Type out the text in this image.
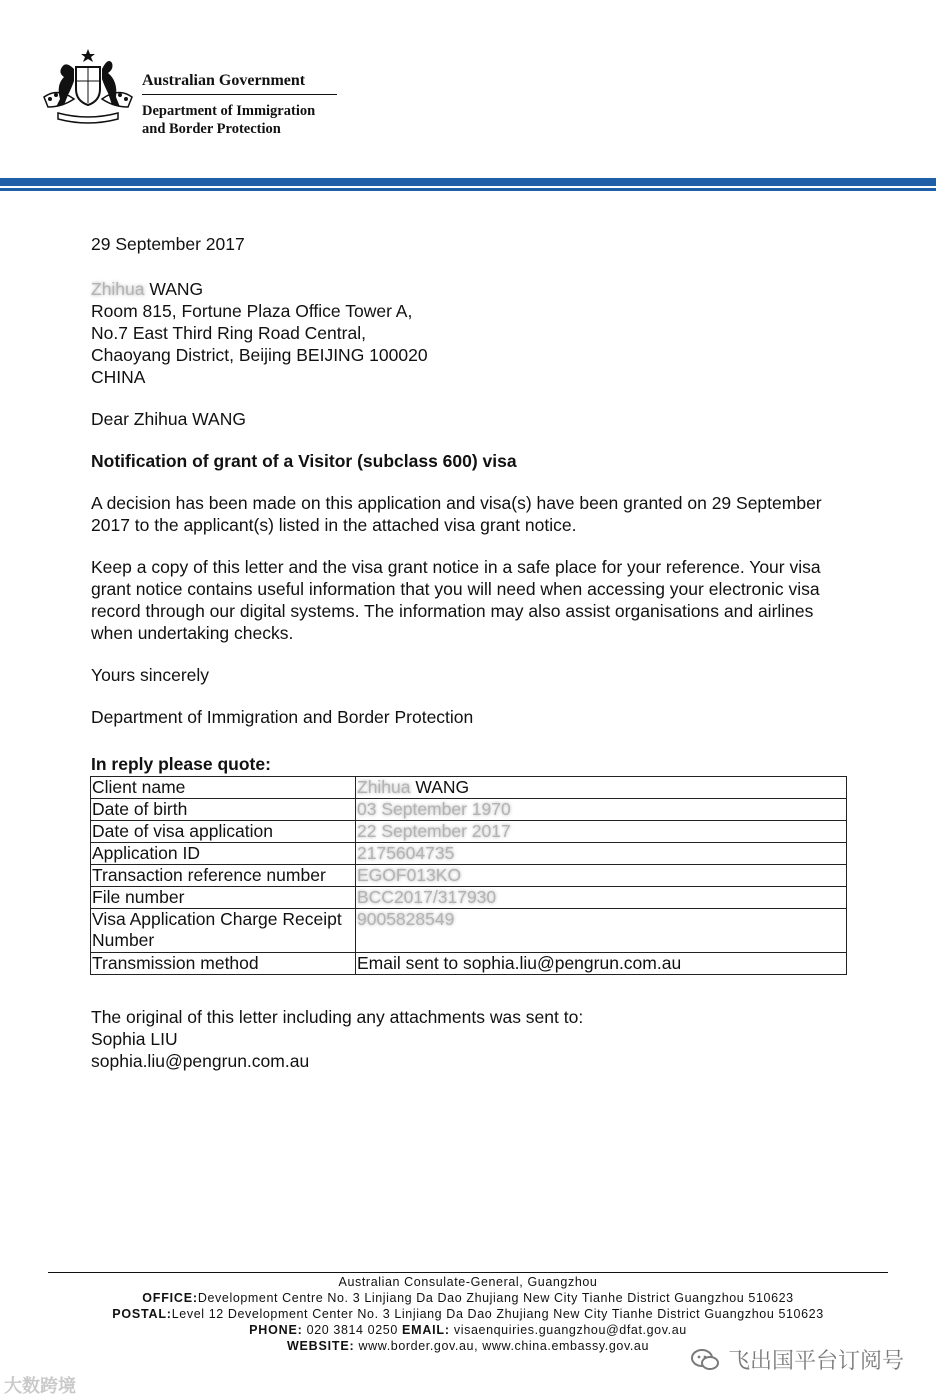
Australian Government
Department of Immigration
and Border Protection

29 September 2017

Zhihua WANG
Room 815, Fortune Plaza Office Tower A,
No.7 East Third Ring Road Central,
Chaoyang District, Beijing BEIJING 100020
CHINA

Dear Zhihua WANG

Notification of grant of a Visitor (subclass 600) visa

A decision has been made on this application and visa(s) have been granted on 29 September 2017 to the applicant(s) listed in the attached visa grant notice.

Keep a copy of this letter and the visa grant notice in a safe place for your reference. Your visa grant notice contains useful information that you will need when accessing your electronic visa record through our digital systems. The information may also assist organisations and airlines when undertaking checks.

Yours sincerely

Department of Immigration and Border Protection

In reply please quote:
Client name	Zhihua WANG
Date of birth	03 September 1970
Date of visa application	22 September 2017
Application ID	2175604735
Transaction reference number	EGOF013KO
File number	BCC2017/317930
Visa Application Charge Receipt Number	9005828549
Transmission method	Email sent to sophia.liu@pengrun.com.au
The original of this letter including any attachments was sent to:
Sophia LIU
sophia.liu@pengrun.com.au
Australian Consulate-General, Guangzhou
OFFICE:Development Centre No. 3 Linjiang Da Dao Zhujiang New City Tianhe District Guangzhou 510623
POSTAL:Level 12 Development Center No. 3 Linjiang Da Dao Zhujiang New City Tianhe District Guangzhou 510623
PHONE: 020 3814 0250 EMAIL: visaenquiries.guangzhou@dfat.gov.au
WEBSITE: www.border.gov.au, www.china.embassy.gov.au
大数跨境
飞出国平台订阅号
